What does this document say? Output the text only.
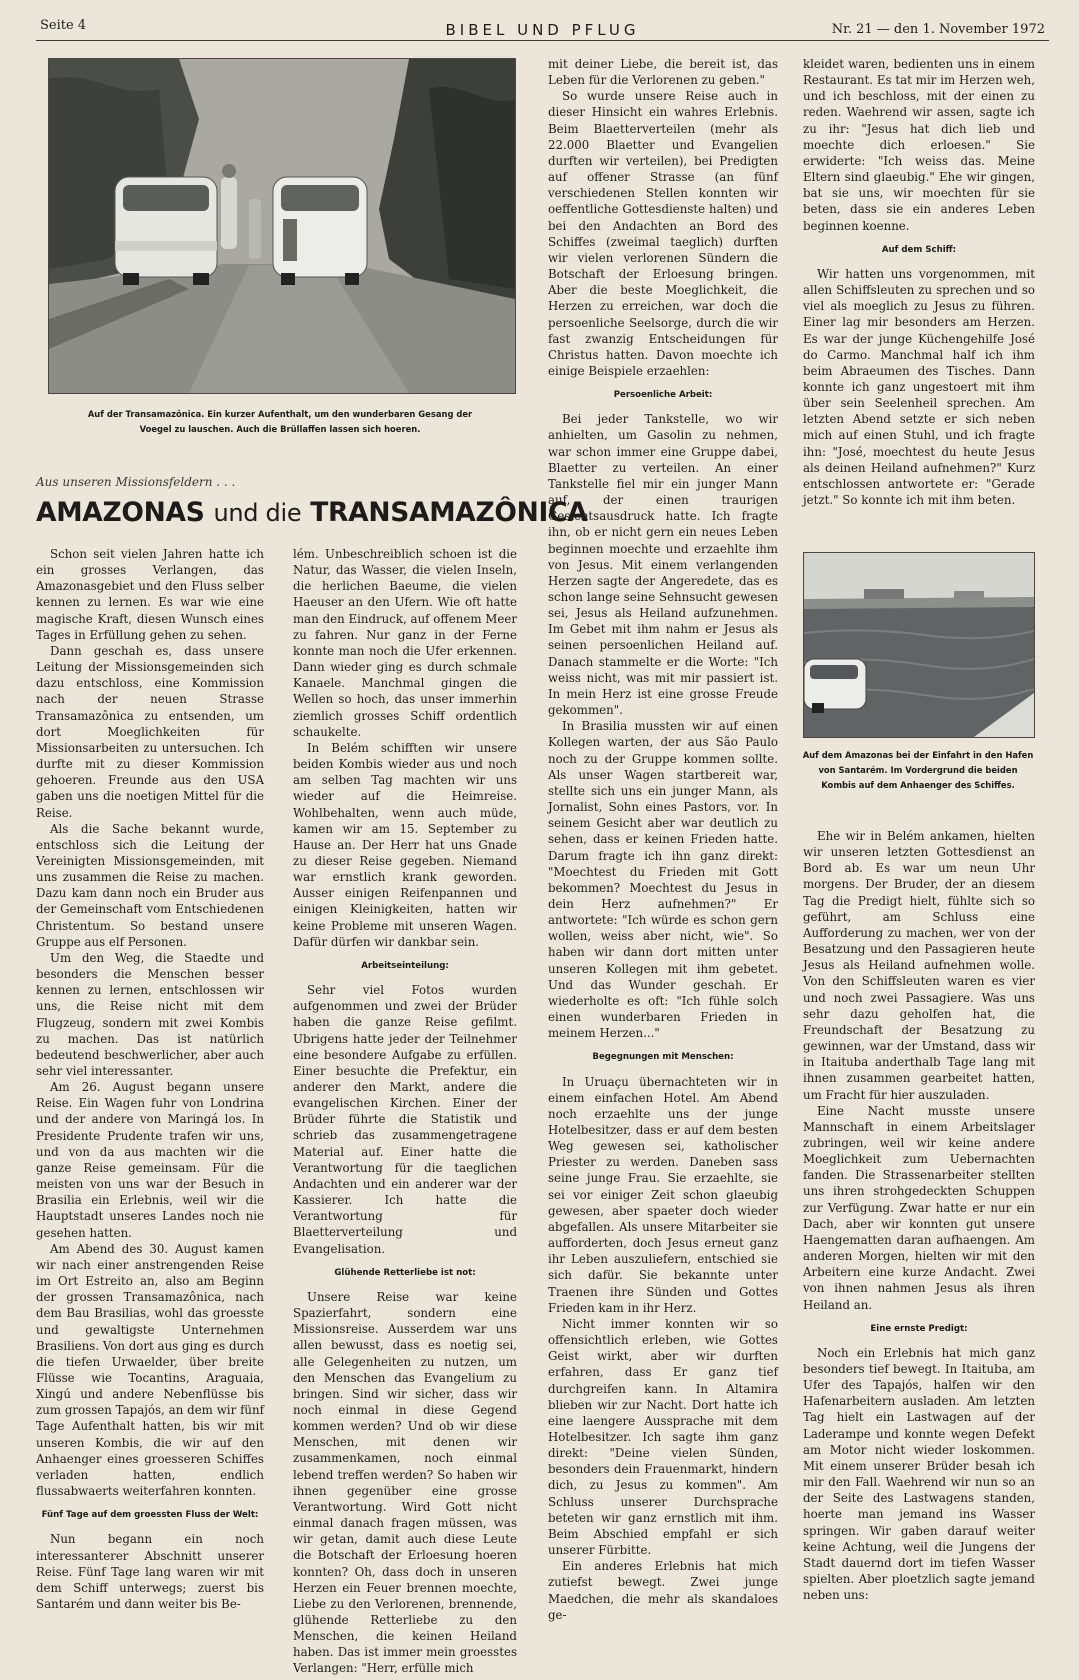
Seite 4	BIBEL UND PFLUG	Nr. 21 — den 1. November 1972
Auf der Transamazônica. Ein kurzer Aufenthalt, um den wunderbaren Gesang der Voegel zu lauschen. Auch die Brüllaffen lassen sich hoeren.
Aus unseren Missionsfeldern . . .
AMAZONAS und die TRANSAMAZÔNICA

Schon seit vielen Jahren hatte ich ein grosses Verlangen, das Amazonasgebiet und den Fluss selber kennen zu lernen. Es war wie eine magische Kraft, diesen Wunsch eines Tages in Erfüllung gehen zu sehen.

Dann geschah es, dass unsere Leitung der Missionsgemeinden sich dazu entschloss, eine Kommission nach der neuen Strasse Transamazônica zu entsenden, um dort Moeglichkeiten für Missionsarbeiten zu untersuchen. Ich durfte mit zu dieser Kommission gehoeren. Freunde aus den USA gaben uns die noetigen Mittel für die Reise.

Als die Sache bekannt wurde, entschloss sich die Leitung der Vereinigten Missionsgemeinden, mit uns zusammen die Reise zu machen. Dazu kam dann noch ein Bruder aus der Gemeinschaft vom Entschiedenen Christentum. So bestand unsere Gruppe aus elf Personen.

Um den Weg, die Staedte und besonders die Menschen besser kennen zu lernen, entschlossen wir uns, die Reise nicht mit dem Flugzeug, sondern mit zwei Kombis zu machen. Das ist natürlich bedeutend beschwerlicher, aber auch sehr viel interessanter.

Am 26. August begann unsere Reise. Ein Wagen fuhr von Londrina und der andere von Maringá los. In Presidente Prudente trafen wir uns, und von da aus machten wir die ganze Reise gemeinsam. Für die meisten von uns war der Besuch in Brasilia ein Erlebnis, weil wir die Hauptstadt unseres Landes noch nie gesehen hatten.

Am Abend des 30. August kamen wir nach einer anstrengenden Reise im Ort Estreito an, also am Beginn der grossen Transamazônica, nach dem Bau Brasilias, wohl das groesste und gewaltigste Unternehmen Brasiliens. Von dort aus ging es durch die tiefen Urwaelder, über breite Flüsse wie Tocantins, Araguaia, Xingú und andere Nebenflüsse bis zum grossen Tapajós, an dem wir fünf Tage Aufenthalt hatten, bis wir mit unseren Kombis, die wir auf den Anhaenger eines groesseren Schiffes verladen hatten, endlich flussabwaerts weiterfahren konnten.

Fünf Tage auf dem groessten Fluss der Welt:

Nun begann ein noch interessanterer Abschnitt unserer Reise. Fünf Tage lang waren wir mit dem Schiff unterwegs; zuerst bis Santarém und dann weiter bis Be-

lém. Unbeschreiblich schoen ist die Natur, das Wasser, die vielen Inseln, die herlichen Baeume, die vielen Haeuser an den Ufern. Wie oft hatte man den Eindruck, auf offenem Meer zu fahren. Nur ganz in der Ferne konnte man noch die Ufer erkennen. Dann wieder ging es durch schmale Kanaele. Manchmal gingen die Wellen so hoch, das unser immerhin ziemlich grosses Schiff ordentlich schaukelte.

In Belém schifften wir unsere beiden Kombis wieder aus und noch am selben Tag machten wir uns wieder auf die Heimreise. Wohlbehalten, wenn auch müde, kamen wir am 15. September zu Hause an. Der Herr hat uns Gnade zu dieser Reise gegeben. Niemand war ernstlich krank geworden. Ausser einigen Reifenpannen und einigen Kleinigkeiten, hatten wir keine Probleme mit unseren Wagen. Dafür dürfen wir dankbar sein.

Arbeitseinteilung:

Sehr viel Fotos wurden aufgenommen und zwei der Brüder haben die ganze Reise gefilmt. Ubrigens hatte jeder der Teilnehmer eine besondere Aufgabe zu erfüllen. Einer besuchte die Prefektur, ein anderer den Markt, andere die evangelischen Kirchen. Einer der Brüder führte die Statistik und schrieb das zusammengetragene Material auf. Einer hatte die Verantwortung für die taeglichen Andachten und ein anderer war der Kassierer. Ich hatte die Verantwortung für Blaetterverteilung und Evangelisation.

Glühende Retterliebe ist not:

Unsere Reise war keine Spazierfahrt, sondern eine Missionsreise. Ausserdem war uns allen bewusst, dass es noetig sei, alle Gelegenheiten zu nutzen, um den Menschen das Evangelium zu bringen. Sind wir sicher, dass wir noch einmal in diese Gegend kommen werden? Und ob wir diese Menschen, mit denen wir zusammenkamen, noch einmal lebend treffen werden? So haben wir ihnen gegenüber eine grosse Verantwortung. Wird Gott nicht einmal danach fragen müssen, was wir getan, damit auch diese Leute die Botschaft der Erloesung hoeren konnten? Oh, dass doch in unseren Herzen ein Feuer brennen moechte, Liebe zu den Verlorenen, brennende, glühende Retterliebe zu den Menschen, die keinen Heiland haben. Das ist immer mein groesstes Verlangen: "Herr, erfülle mich

mit deiner Liebe, die bereit ist, das Leben für die Verlorenen zu geben."

So wurde unsere Reise auch in dieser Hinsicht ein wahres Erlebnis. Beim Blaetterverteilen (mehr als 22.000 Blaetter und Evangelien durften wir verteilen), bei Predigten auf offener Strasse (an fünf verschiedenen Stellen konnten wir oeffentliche Gottesdienste halten) und bei den Andachten an Bord des Schiffes (zweimal taeglich) durften wir vielen verlorenen Sündern die Botschaft der Erloesung bringen. Aber die beste Moeglichkeit, die Herzen zu erreichen, war doch die persoenliche Seelsorge, durch die wir fast zwanzig Entscheidungen für Christus hatten. Davon moechte ich einige Beispiele erzaehlen:

Persoenliche Arbeit:

Bei jeder Tankstelle, wo wir anhielten, um Gasolin zu nehmen, war schon immer eine Gruppe dabei, Blaetter zu verteilen. An einer Tankstelle fiel mir ein junger Mann auf, der einen traurigen Gesichtsausdruck hatte. Ich fragte ihn, ob er nicht gern ein neues Leben beginnen moechte und erzaehlte ihm von Jesus. Mit einem verlangenden Herzen sagte der Angeredete, das es schon lange seine Sehnsucht gewesen sei, Jesus als Heiland aufzunehmen. Im Gebet mit ihm nahm er Jesus als seinen persoenlichen Heiland auf. Danach stammelte er die Worte: "Ich weiss nicht, was mit mir passiert ist. In mein Herz ist eine grosse Freude gekommen".

In Brasilia mussten wir auf einen Kollegen warten, der aus São Paulo noch zu der Gruppe kommen sollte. Als unser Wagen startbereit war, stellte sich uns ein junger Mann, als Jornalist, Sohn eines Pastors, vor. In seinem Gesicht aber war deutlich zu sehen, dass er keinen Frieden hatte. Darum fragte ich ihn ganz direkt: "Moechtest du Frieden mit Gott bekommen? Moechtest du Jesus in dein Herz aufnehmen?" Er antwortete: "Ich würde es schon gern wollen, weiss aber nicht, wie". So haben wir dann dort mitten unter unseren Kollegen mit ihm gebetet. Und das Wunder geschah. Er wiederholte es oft: "Ich fühle solch einen wunderbaren Frieden in meinem Herzen..."

Begegnungen mit Menschen:

In Uruaçu übernachteten wir in einem einfachen Hotel. Am Abend noch erzaehlte uns der junge Hotelbesitzer, dass er auf dem besten Weg gewesen sei, katholischer Priester zu werden. Daneben sass seine junge Frau. Sie erzaehlte, sie sei vor einiger Zeit schon glaeubig gewesen, aber spaeter doch wieder abgefallen. Als unsere Mitarbeiter sie aufforderten, doch Jesus erneut ganz ihr Leben auszuliefern, entschied sie sich dafür. Sie bekannte unter Traenen ihre Sünden und Gottes Frieden kam in ihr Herz.

Nicht immer konnten wir so offensichtlich erleben, wie Gottes Geist wirkt, aber wir durften erfahren, dass Er ganz tief durchgreifen kann. In Altamira blieben wir zur Nacht. Dort hatte ich eine laengere Aussprache mit dem Hotelbesitzer. Ich sagte ihm ganz direkt: "Deine vielen Sünden, besonders dein Frauenmarkt, hindern dich, zu Jesus zu kommen". Am Schluss unserer Durchsprache beteten wir ganz ernstlich mit ihm. Beim Abschied empfahl er sich unserer Fürbitte.

Ein anderes Erlebnis hat mich zutiefst bewegt. Zwei junge Maedchen, die mehr als skandaloes ge-

kleidet waren, bedienten uns in einem Restaurant. Es tat mir im Herzen weh, und ich beschloss, mit der einen zu reden. Waehrend wir assen, sagte ich zu ihr: "Jesus hat dich lieb und moechte dich erloesen." Sie erwiderte: "Ich weiss das. Meine Eltern sind glaeubig." Ehe wir gingen, bat sie uns, wir moechten für sie beten, dass sie ein anderes Leben beginnen koenne.

Auf dem Schiff:

Wir hatten uns vorgenommen, mit allen Schiffsleuten zu sprechen und so viel als moeglich zu Jesus zu führen. Einer lag mir besonders am Herzen. Es war der junge Küchengehilfe José do Carmo. Manchmal half ich ihm beim Abraeumen des Tisches. Dann konnte ich ganz ungestoert mit ihm über sein Seelenheil sprechen. Am letzten Abend setzte er sich neben mich auf einen Stuhl, und ich fragte ihn: "José, moechtest du heute Jesus als deinen Heiland aufnehmen?" Kurz entschlossen antwortete er: "Gerade jetzt." So konnte ich mit ihm beten.

Auf dem Amazonas bei der Einfahrt in den Hafen von Santarém. Im Vordergrund die beiden Kombis auf dem Anhaenger des Schiffes.

Ehe wir in Belém ankamen, hielten wir unseren letzten Gottesdienst an Bord ab. Es war um neun Uhr morgens. Der Bruder, der an diesem Tag die Predigt hielt, fühlte sich so geführt, am Schluss eine Aufforderung zu machen, wer von der Besatzung und den Passagieren heute Jesus als Heiland aufnehmen wolle. Von den Schiffsleuten waren es vier und noch zwei Passagiere. Was uns sehr dazu geholfen hat, die Freundschaft der Besatzung zu gewinnen, war der Umstand, dass wir in Itaituba anderthalb Tage lang mit ihnen zusammen gearbeitet hatten, um Fracht für hier auszuladen.

Eine Nacht musste unsere Mannschaft in einem Arbeitslager zubringen, weil wir keine andere Moeglichkeit zum Uebernachten fanden. Die Strassenarbeiter stellten uns ihren strohgedeckten Schuppen zur Verfügung. Zwar hatte er nur ein Dach, aber wir konnten gut unsere Haengematten daran aufhaengen. Am anderen Morgen, hielten wir mit den Arbeitern eine kurze Andacht. Zwei von ihnen nahmen Jesus als ihren Heiland an.

Eine ernste Predigt:

Noch ein Erlebnis hat mich ganz besonders tief bewegt. In Itaituba, am Ufer des Tapajós, halfen wir den Hafenarbeitern ausladen. Am letzten Tag hielt ein Lastwagen auf der Laderampe und konnte wegen Defekt am Motor nicht wieder loskommen. Mit einem unserer Brüder besah ich mir den Fall. Waehrend wir nun so an der Seite des Lastwagens standen, hoerte man jemand ins Wasser springen. Wir gaben darauf weiter keine Achtung, weil die Jungens der Stadt dauernd dort im tiefen Wasser spielten. Aber ploetzlich sagte jemand neben uns:
